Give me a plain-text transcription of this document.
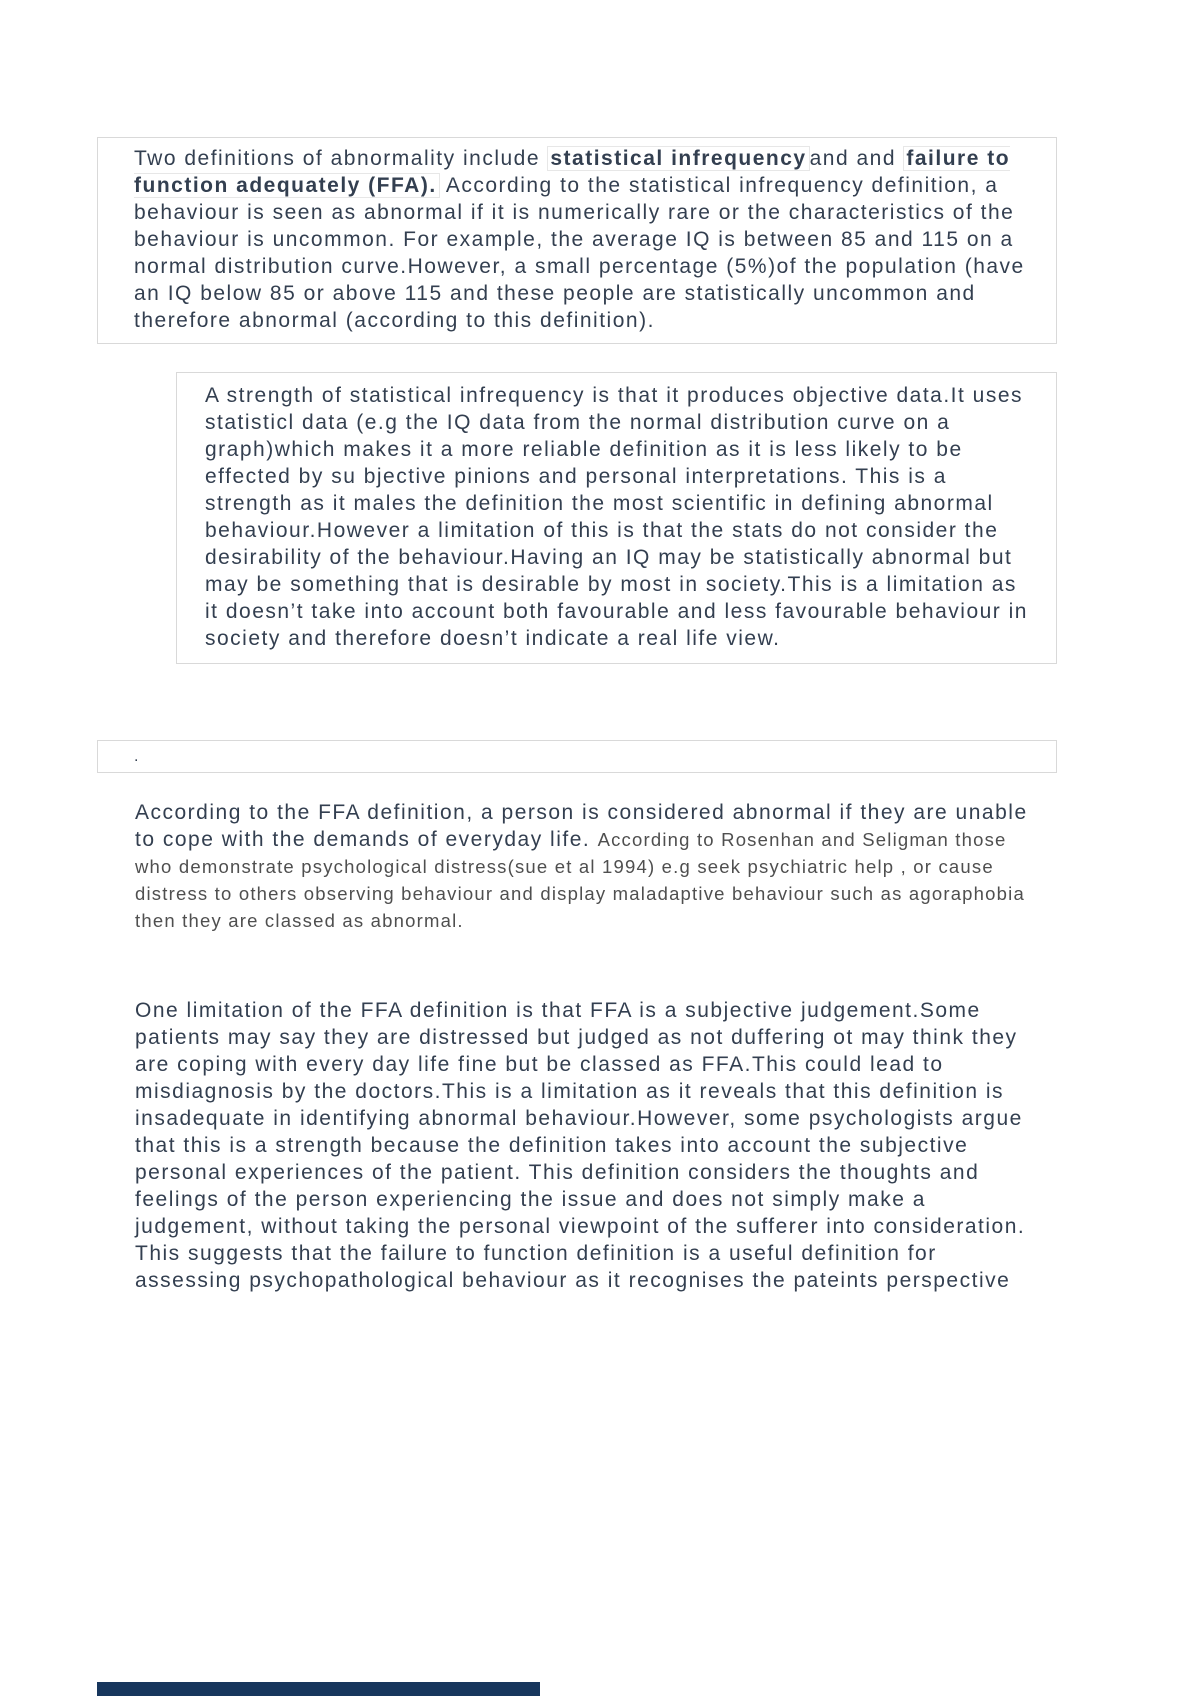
Two definitions of abnormality include statistical infrequency and and failure to function adequately (FFA). According to the statistical infrequency definition, a behaviour is seen as abnormal if it is numerically rare or the characteristics of the behaviour is uncommon. For example, the average IQ is between 85 and 115 on a normal distribution curve.However, a small percentage (5%)of the population (have an IQ below 85 or above 115 and these people are statistically uncommon and therefore abnormal (according to this definition).
A strength of statistical infrequency is that it produces objective data.It uses statisticl data (e.g the IQ data from the normal distribution curve on a graph)which makes it a more reliable definition as it is less likely to be effected by su bjective pinions and personal interpretations. This is a strength as it males the definition the most scientific in defining abnormal behaviour.However a limitation of this is that the stats do not consider the desirability of the behaviour.Having an IQ may be statistically abnormal but may be something that is desirable by most in society.This is a limitation as it doesn’t take into account both favourable and less favourable behaviour in society and therefore doesn’t indicate a real life view.
.
According to the FFA definition, a person is considered abnormal if they are unable to cope with the demands of everyday life. According to Rosenhan and Seligman those who demonstrate psychological distress(sue et al 1994) e.g seek psychiatric help , or cause distress to others observing behaviour and display maladaptive behaviour such as agoraphobia then they are classed as abnormal.
One limitation of the FFA definition is that FFA is a subjective judgement.Some patients may say they are distressed but judged as not duffering ot may think they are coping with every day life fine but be classed as FFA.This could lead to misdiagnosis by the doctors.This is a limitation as it reveals that this definition is insadequate in identifying abnormal behaviour.However, some psychologists argue that this is a strength because the definition takes into account the subjective personal experiences of the patient. This definition considers the thoughts and feelings of the person experiencing the issue and does not simply make a judgement, without taking the personal viewpoint of the sufferer into consideration. This suggests that the failure to function definition is a useful definition for assessing psychopathological behaviour as it recognises the pateints perspective
